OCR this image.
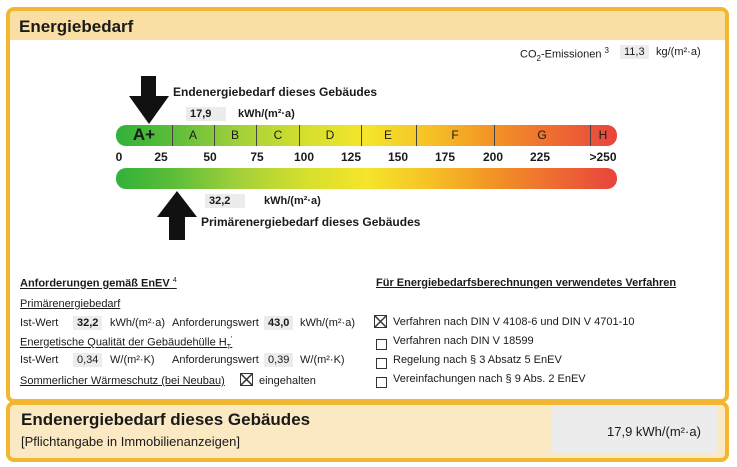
Energiebedarf
$CO_2$-Emissionen $^3$	11,3	kg/(m²·a)
Endenergiebedarf dieses Gebäudes
17,9	kWh/(m²·a)
A+	A	B	C	D	E	F	G	H
0	25	50	75	100 125 150 175 200 225	>250
32,2	kWh/(m²·a)
Primärenergiebedarf dieses Gebäudes
Anforderungen gemäß EnEV $^4$
Primärenergiebedarf
Ist-Wert	32,2	kWh/(m²·a) Anforderungswert 43,0 kWh/(m²·a)
Energetische Qualität der Gebäudehülle $H_T'$
Ist-Wert	0,34	W/(m²·K) Anforderungswert 0,39 W/(m²·K)
Sommerlicher Wärmeschutz (bei Neubau)	eingehalten
Für Energiebedarfsberechnungen verwendetes Verfahren
Verfahren nach DIN V 4108-6 und DIN V 4701-10
Verfahren nach DIN V 18599
Regelung nach § 3 Absatz 5 EnEV
Vereinfachungen nach § 9 Abs. 2 EnEV
Endenergiebedarf dieses Gebäudes
[Pflichtangabe in Immobilienanzeigen]
17,9 kWh/(m²·a)
